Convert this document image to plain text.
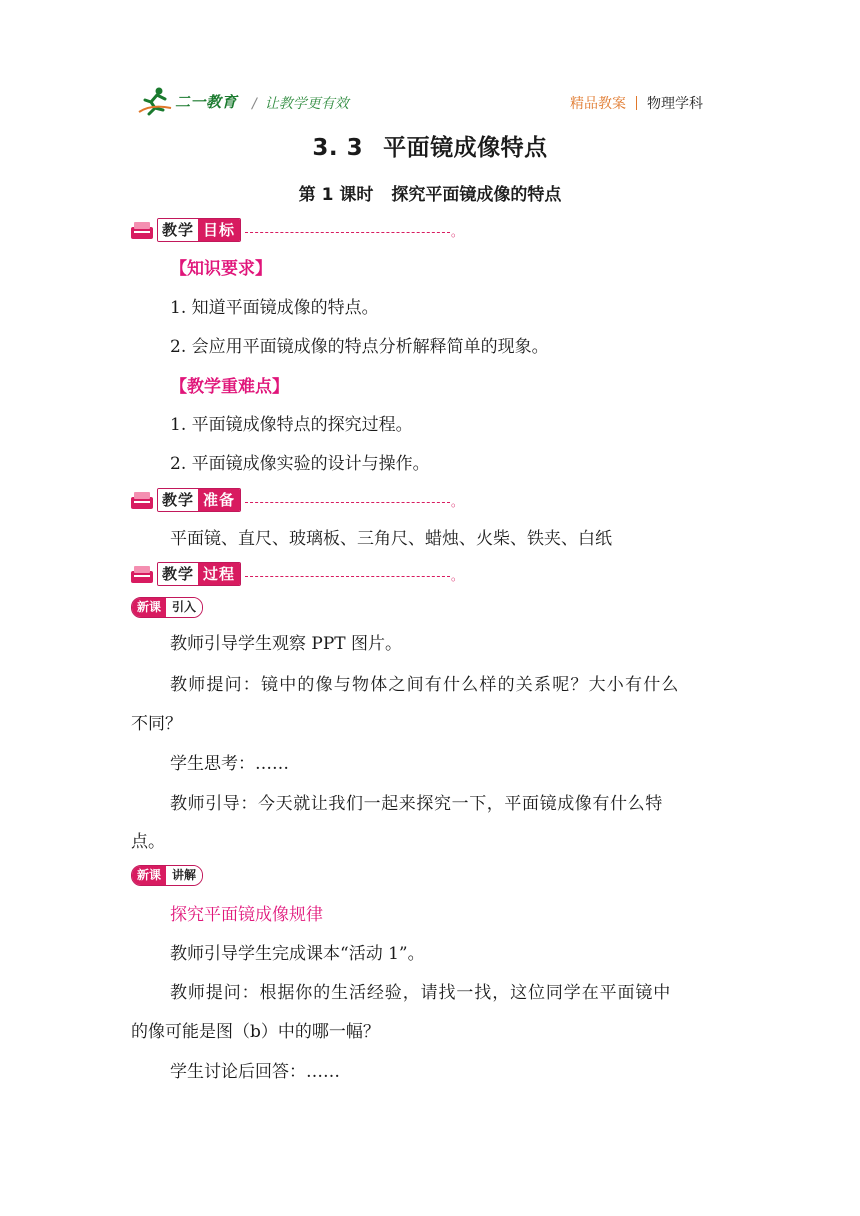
二一教育 / 让教学更有效	精品教案 物理学科
3. 3 平面镜成像特点
第 1 课时 探究平面镜成像的特点
教学 目标	。
【知识要求】
1. 知道平面镜成像的特点。
2. 会应用平面镜成像的特点分析解释简单的现象。
【教学重难点】
1. 平面镜成像特点的探究过程。
2. 平面镜成像实验的设计与操作。
教学 准备	。
平面镜、直尺、玻璃板、三角尺、蜡烛、火柴、铁夹、白纸
教学 过程	。
新课 引入
教师引导学生观察 PPT 图片。
教师提问：镜中的像与物体之间有什么样的关系呢？大小有什么
不同？
学生思考：……
教师引导：今天就让我们一起来探究一下，平面镜成像有什么特
点。
新课 讲解
探究平面镜成像规律
教师引导学生完成课本“活动 1”。
教师提问：根据你的生活经验，请找一找，这位同学在平面镜中
的像可能是图（b）中的哪一幅？
学生讨论后回答：……
